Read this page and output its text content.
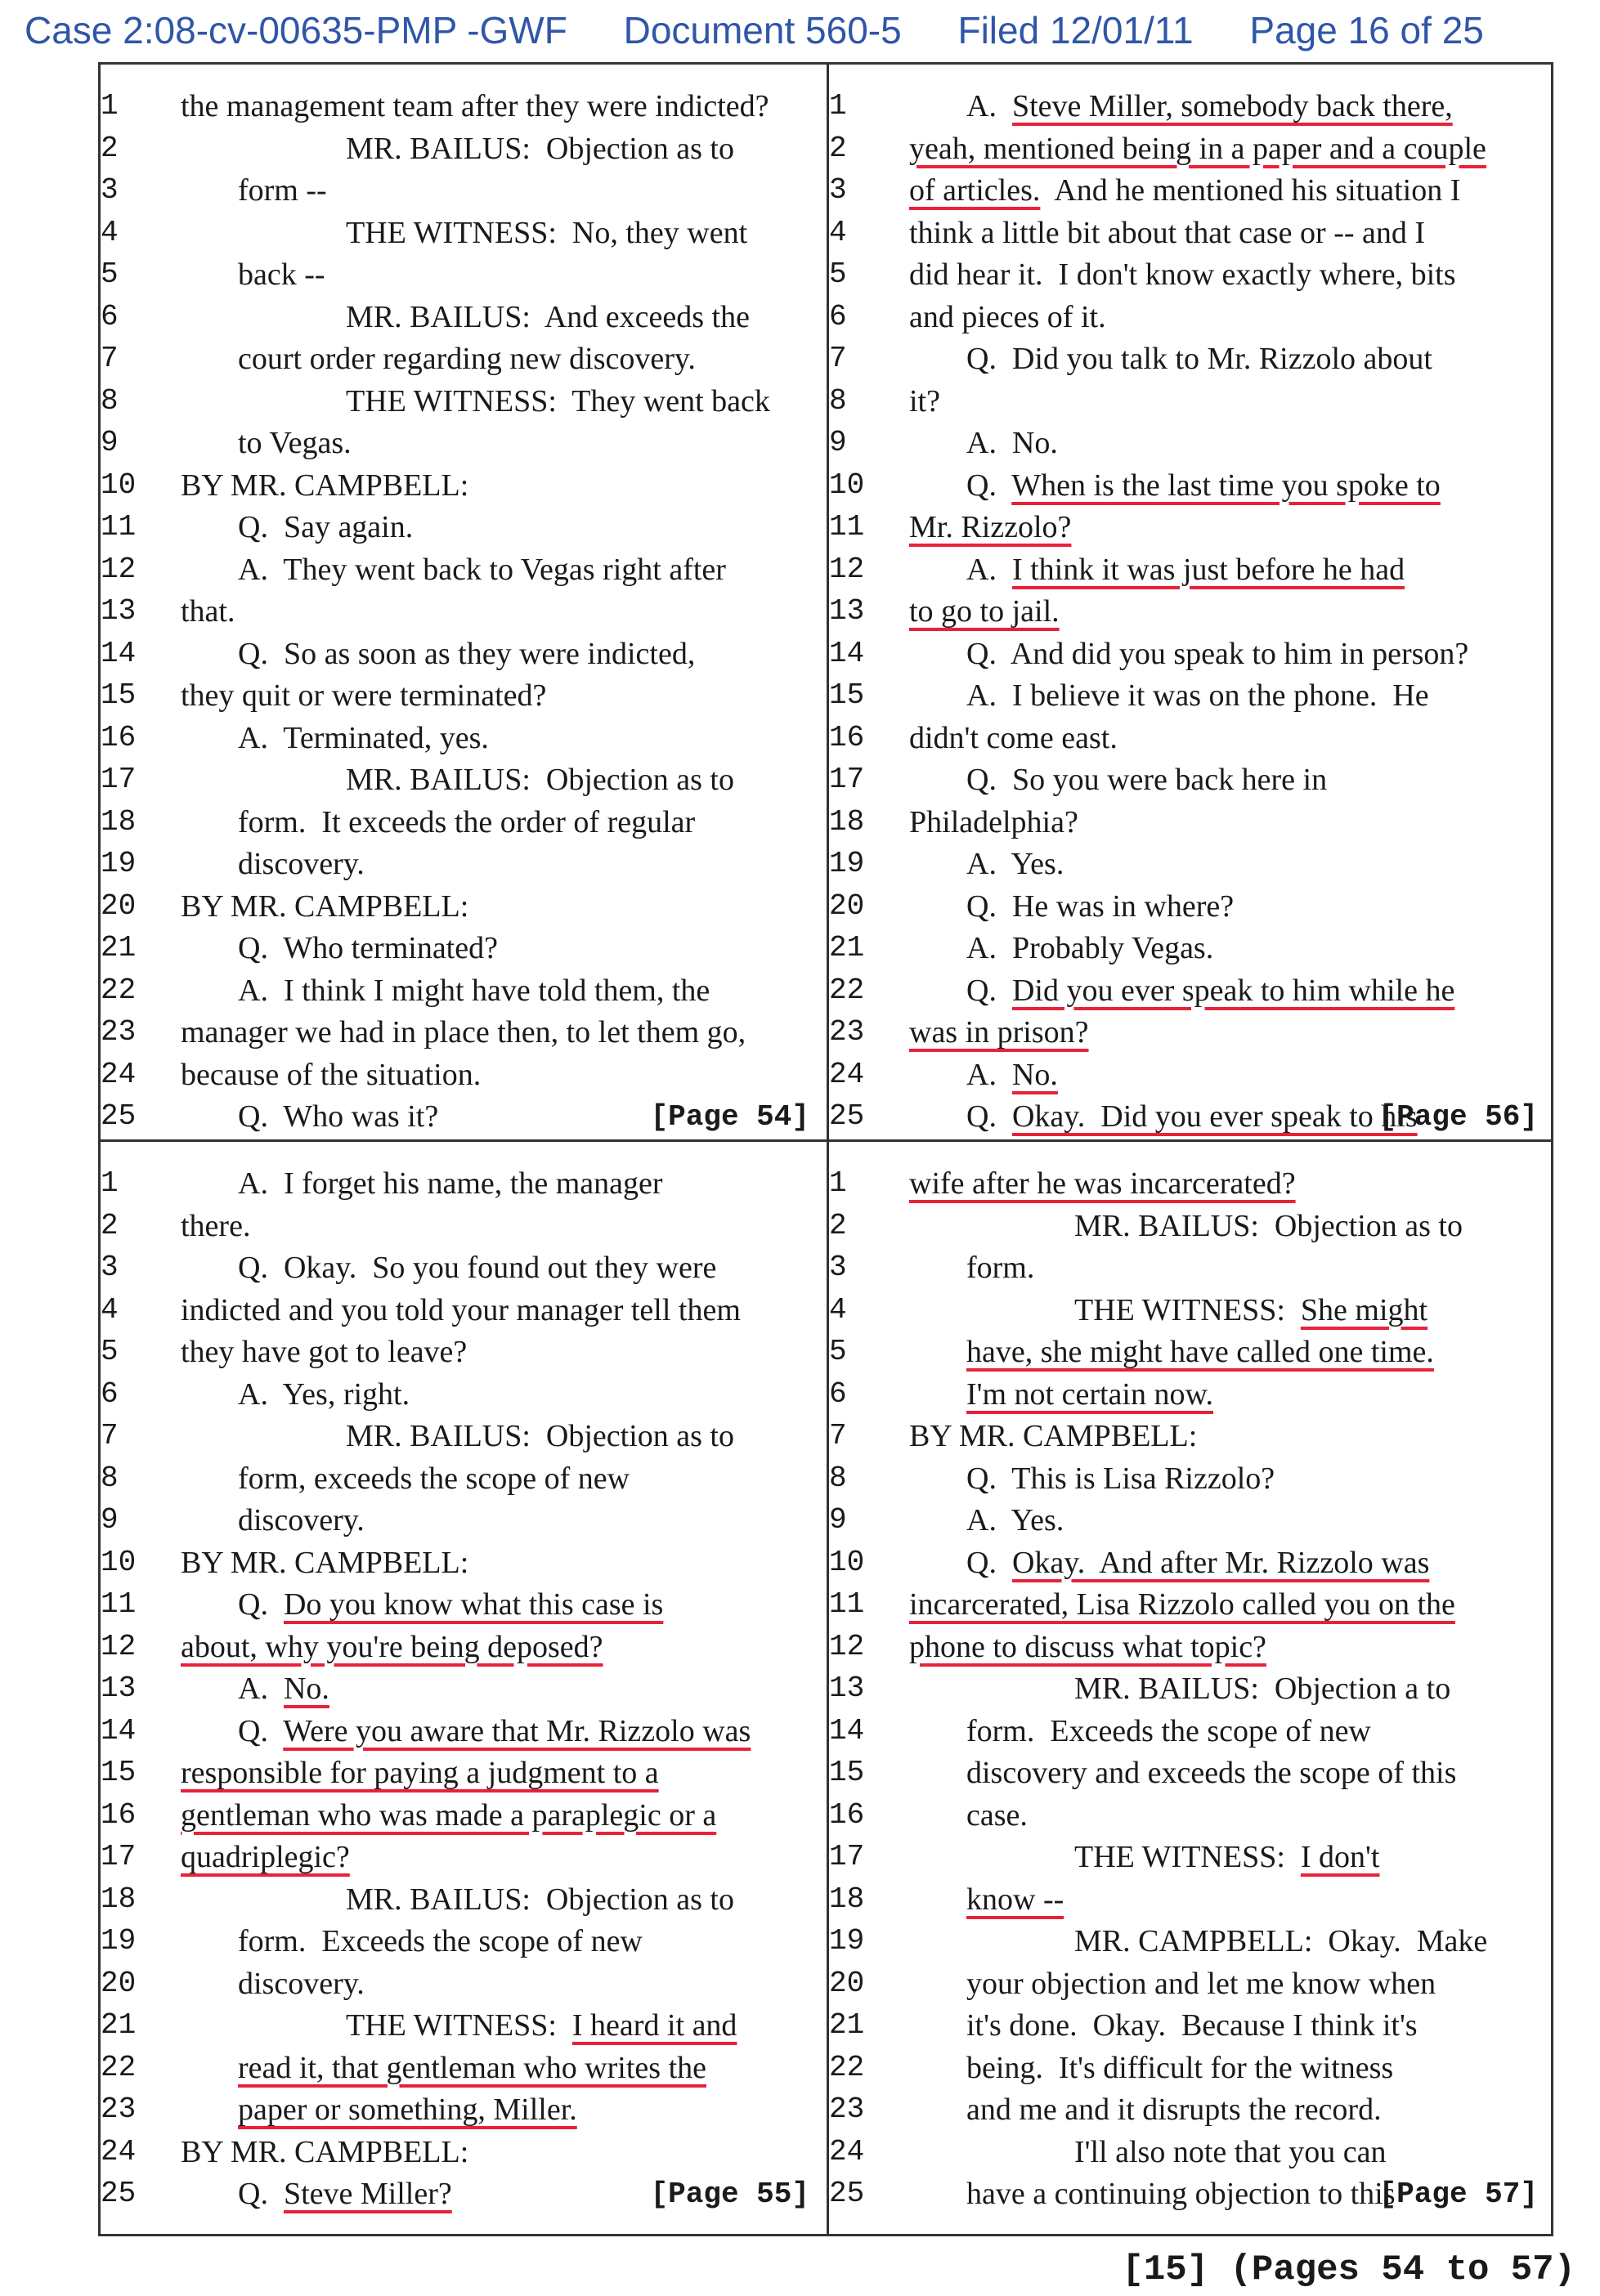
Case 2:08-cv-00635-PMP -GWF Document 560-5 Filed 12/01/11 Page 16 of 25
[Page 54]
1	the management team after they were indicted?
2	MR. BAILUS:  Objection as to
3	form --
4	THE WITNESS:  No, they went
5	back --
6	MR. BAILUS:  And exceeds the
7	court order regarding new discovery.
8	THE WITNESS:  They went back
9	to Vegas.
10	BY MR. CAMPBELL:
11	Q.  Say again.
12	A.  They went back to Vegas right after
13	that.
14	Q.  So as soon as they were indicted,
15	they quit or were terminated?
16	A.  Terminated, yes.
17	MR. BAILUS:  Objection as to
18	form.  It exceeds the order of regular
19	discovery.
20	BY MR. CAMPBELL:
21	Q.  Who terminated?
22	A.  I think I might have told them, the
23	manager we had in place then, to let them go,
24	because of the situation.
25	Q.  Who was it?	[Page 56]
1	A.  Steve Miller, somebody back there,
2	yeah, mentioned being in a paper and a couple
3	of articles.  And he mentioned his situation I
4	think a little bit about that case or -- and I
5	did hear it.  I don't know exactly where, bits
6	and pieces of it.
7	Q.  Did you talk to Mr. Rizzolo about
8	it?
9	A.  No.
10	Q.  When is the last time you spoke to
11	Mr. Rizzolo?
12	A.  I think it was just before he had
13	to go to jail.
14	Q.  And did you speak to him in person?
15	A.  I believe it was on the phone.  He
16	didn't come east.
17	Q.  So you were back here in
18	Philadelphia?
19	A.  Yes.
20	Q.  He was in where?
21	A.  Probably Vegas.
22	Q.  Did you ever speak to him while he
23	was in prison?
24	A.  No.
25	Q.  Okay.  Did you ever speak to his
[Page 55]
1	A.  I forget his name, the manager
2	there.
3	Q.  Okay.  So you found out they were
4	indicted and you told your manager tell them
5	they have got to leave?
6	A.  Yes, right.
7	MR. BAILUS:  Objection as to
8	form, exceeds the scope of new
9	discovery.
10	BY MR. CAMPBELL:
11	Q.  Do you know what this case is
12	about, why you're being deposed?
13	A.  No.
14	Q.  Were you aware that Mr. Rizzolo was
15	responsible for paying a judgment to a
16	gentleman who was made a paraplegic or a
17	quadriplegic?
18	MR. BAILUS:  Objection as to
19	form.  Exceeds the scope of new
20	discovery.
21	THE WITNESS:  I heard it and
22	read it, that gentleman who writes the
23	paper or something, Miller.
24	BY MR. CAMPBELL:
25	Q.  Steve Miller?	[Page 57]
1	wife after he was incarcerated?
2	MR. BAILUS:  Objection as to
3	form.
4	THE WITNESS:  She might
5	have, she might have called one time.
6	I'm not certain now.
7	BY MR. CAMPBELL:
8	Q.  This is Lisa Rizzolo?
9	A.  Yes.
10	Q.  Okay.  And after Mr. Rizzolo was
11	incarcerated, Lisa Rizzolo called you on the
12	phone to discuss what topic?
13	MR. BAILUS:  Objection a to
14	form.  Exceeds the scope of new
15	discovery and exceeds the scope of this
16	case.
17	THE WITNESS:  I don't
18	know --
19	MR. CAMPBELL:  Okay.  Make
20	your objection and let me know when
21	it's done.  Okay.  Because I think it's
22	being.  It's difficult for the witness
23	and me and it disrupts the record.
24	I'll also note that you can
25	have a continuing objection to this
[15] (Pages 54 to 57)
